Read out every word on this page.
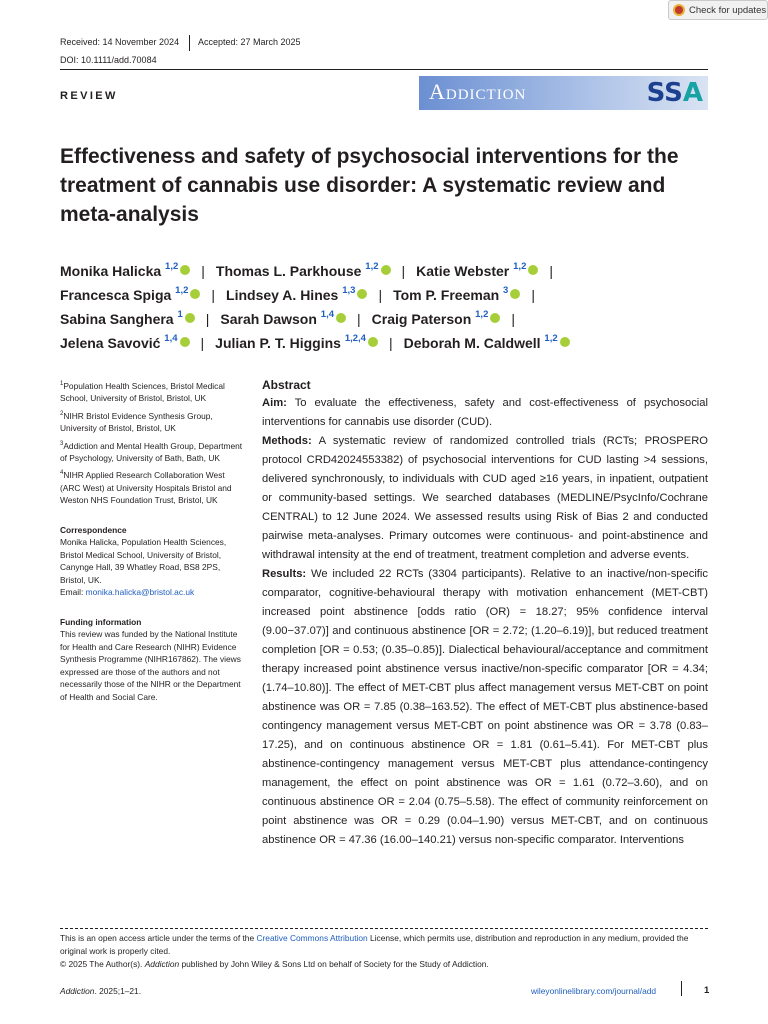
Check for updates
Received: 14 November 2024 Accepted: 27 March 2025
DOI: 10.1111/add.70084
REVIEW	Addiction	SSA
Effectiveness and safety of psychosocial interventions for the treatment of cannabis use disorder: A systematic review and meta-analysis
Monika Halicka $^{1,2}$ iD | Thomas L. Parkhouse $^{1,2}$ iD | Katie Webster $^{1,2}$ iD |
Francesca Spiga $^{1,2}$ iD | Lindsey A. Hines $^{1,3}$ iD | Tom P. Freeman $^3$ iD |
Sabina Sanghera $^1$ iD | Sarah Dawson $^{1,4}$ iD | Craig Paterson $^{1,2}$ iD |
Jelena Savović $^{1,4}$ iD | Julian P. T. Higgins $^{1,2,4}$ iD | Deborah M. Caldwell $^{1,2}$iD
$^1$Population Health Sciences, Bristol Medical School, University of Bristol, Bristol, UK
$^2$NIHR Bristol Evidence Synthesis Group, University of Bristol, Bristol, UK
$^3$Addiction and Mental Health Group, Department of Psychology, University of Bath, Bath, UK
$^4$NIHR Applied Research Collaboration West (ARC West) at University Hospitals Bristol and Weston NHS Foundation Trust, Bristol, UK
Correspondence
Monika Halicka, Population Health Sciences, Bristol Medical School, University of Bristol, Canynge Hall, 39 Whatley Road, BS8 2PS, Bristol, UK.
Email: monika.halicka@bristol.ac.uk
Funding information
This review was funded by the National Institute for Health and Care Research (NIHR) Evidence Synthesis Programme (NIHR167862). The views expressed are those of the authors and not necessarily those of the NIHR or the Department of Health and Social Care.
Abstract

Aim: To evaluate the effectiveness, safety and cost-effectiveness of psychosocial interventions for cannabis use disorder (CUD).

Methods: A systematic review of randomized controlled trials (RCTs; PROSPERO protocol CRD42024553382) of psychosocial interventions for CUD lasting >4 sessions, delivered synchronously, to individuals with CUD aged ≥16 years, in inpatient, outpatient or community-based settings. We searched databases (MEDLINE/PsycInfo/Cochrane CENTRAL) to 12 June 2024. We assessed results using Risk of Bias 2 and conducted pairwise meta-analyses. Primary outcomes were continuous- and point-abstinence and withdrawal intensity at the end of treatment, treatment completion and adverse events.

Results: We included 22 RCTs (3304 participants). Relative to an inactive/non-specific comparator, cognitive-behavioural therapy with motivation enhancement (MET-CBT) increased point abstinence [odds ratio (OR) = 18.27; 95% confidence interval (9.00−37.07)] and continuous abstinence [OR = 2.72; (1.20–6.19)], but reduced treatment completion [OR = 0.53; (0.35–0.85)]. Dialectical behavioural/acceptance and commitment therapy increased point abstinence versus inactive/non-specific comparator [OR = 4.34; (1.74–10.80)]. The effect of MET-CBT plus affect management versus MET-CBT on point abstinence was OR = 7.85 (0.38–163.52). The effect of MET-CBT plus abstinence-based contingency management versus MET-CBT on point abstinence was OR = 3.78 (0.83–17.25), and on continuous abstinence OR = 1.81 (0.61–5.41). For MET-CBT plus abstinence-contingency management versus MET-CBT plus attendance-contingency management, the effect on point abstinence was OR = 1.61 (0.72–3.60), and on continuous abstinence OR = 2.04 (0.75–5.58). The effect of community reinforcement on point abstinence was OR = 0.29 (0.04–1.90) versus MET-CBT, and on continuous abstinence OR = 47.36 (16.00–140.21) versus non-specific comparator. Interventions

This is an open access article under the terms of the Creative Commons Attribution License, which permits use, distribution and reproduction in any medium, provided the original work is properly cited.
© 2025 The Author(s). Addiction published by John Wiley & Sons Ltd on behalf of Society for the Study of Addiction.
Addiction. 2025;1–21.	wileyonlinelibrary.com/journal/add	1
